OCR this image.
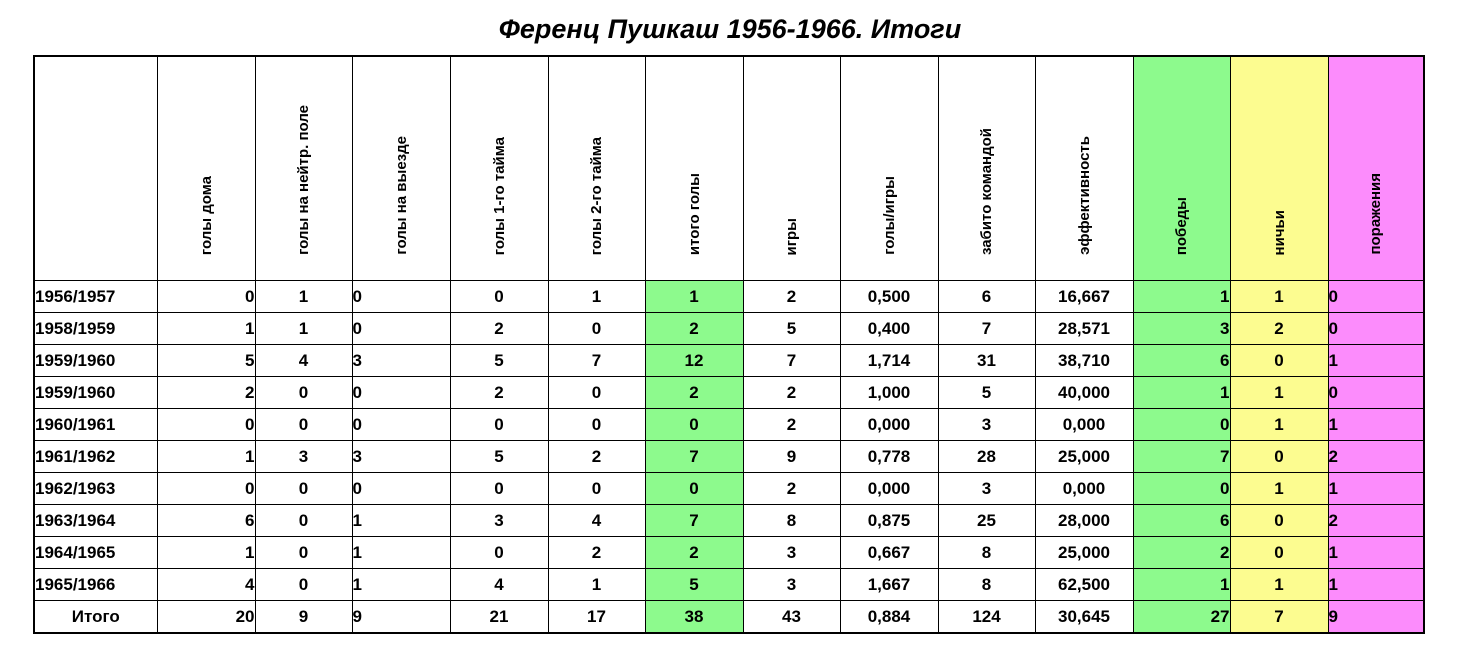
Ференц Пушкаш 1956-1966. Итоги
	голы дома	голы на нейтр. поле	голы на выезде	голы 1-го тайма	голы 2-го тайма	итого голы	игры	голы/игры	забито командой	эффективность	победы	ничьи	поражения
1956/1957	0	1	0	0	1	1	2	0,500	6	16,667	1	1	0
1958/1959	1	1	0	2	0	2	5	0,400	7	28,571	3	2	0
1959/1960	5	4	3	5	7	12	7	1,714	31	38,710	6	0	1
1959/1960	2	0	0	2	0	2	2	1,000	5	40,000	1	1	0
1960/1961	0	0	0	0	0	0	2	0,000	3	0,000	0	1	1
1961/1962	1	3	3	5	2	7	9	0,778	28	25,000	7	0	2
1962/1963	0	0	0	0	0	0	2	0,000	3	0,000	0	1	1
1963/1964	6	0	1	3	4	7	8	0,875	25	28,000	6	0	2
1964/1965	1	0	1	0	2	2	3	0,667	8	25,000	2	0	1
1965/1966	4	0	1	4	1	5	3	1,667	8	62,500	1	1	1
Итого	20	9	9	21	17	38	43	0,884	124	30,645	27	7	9
